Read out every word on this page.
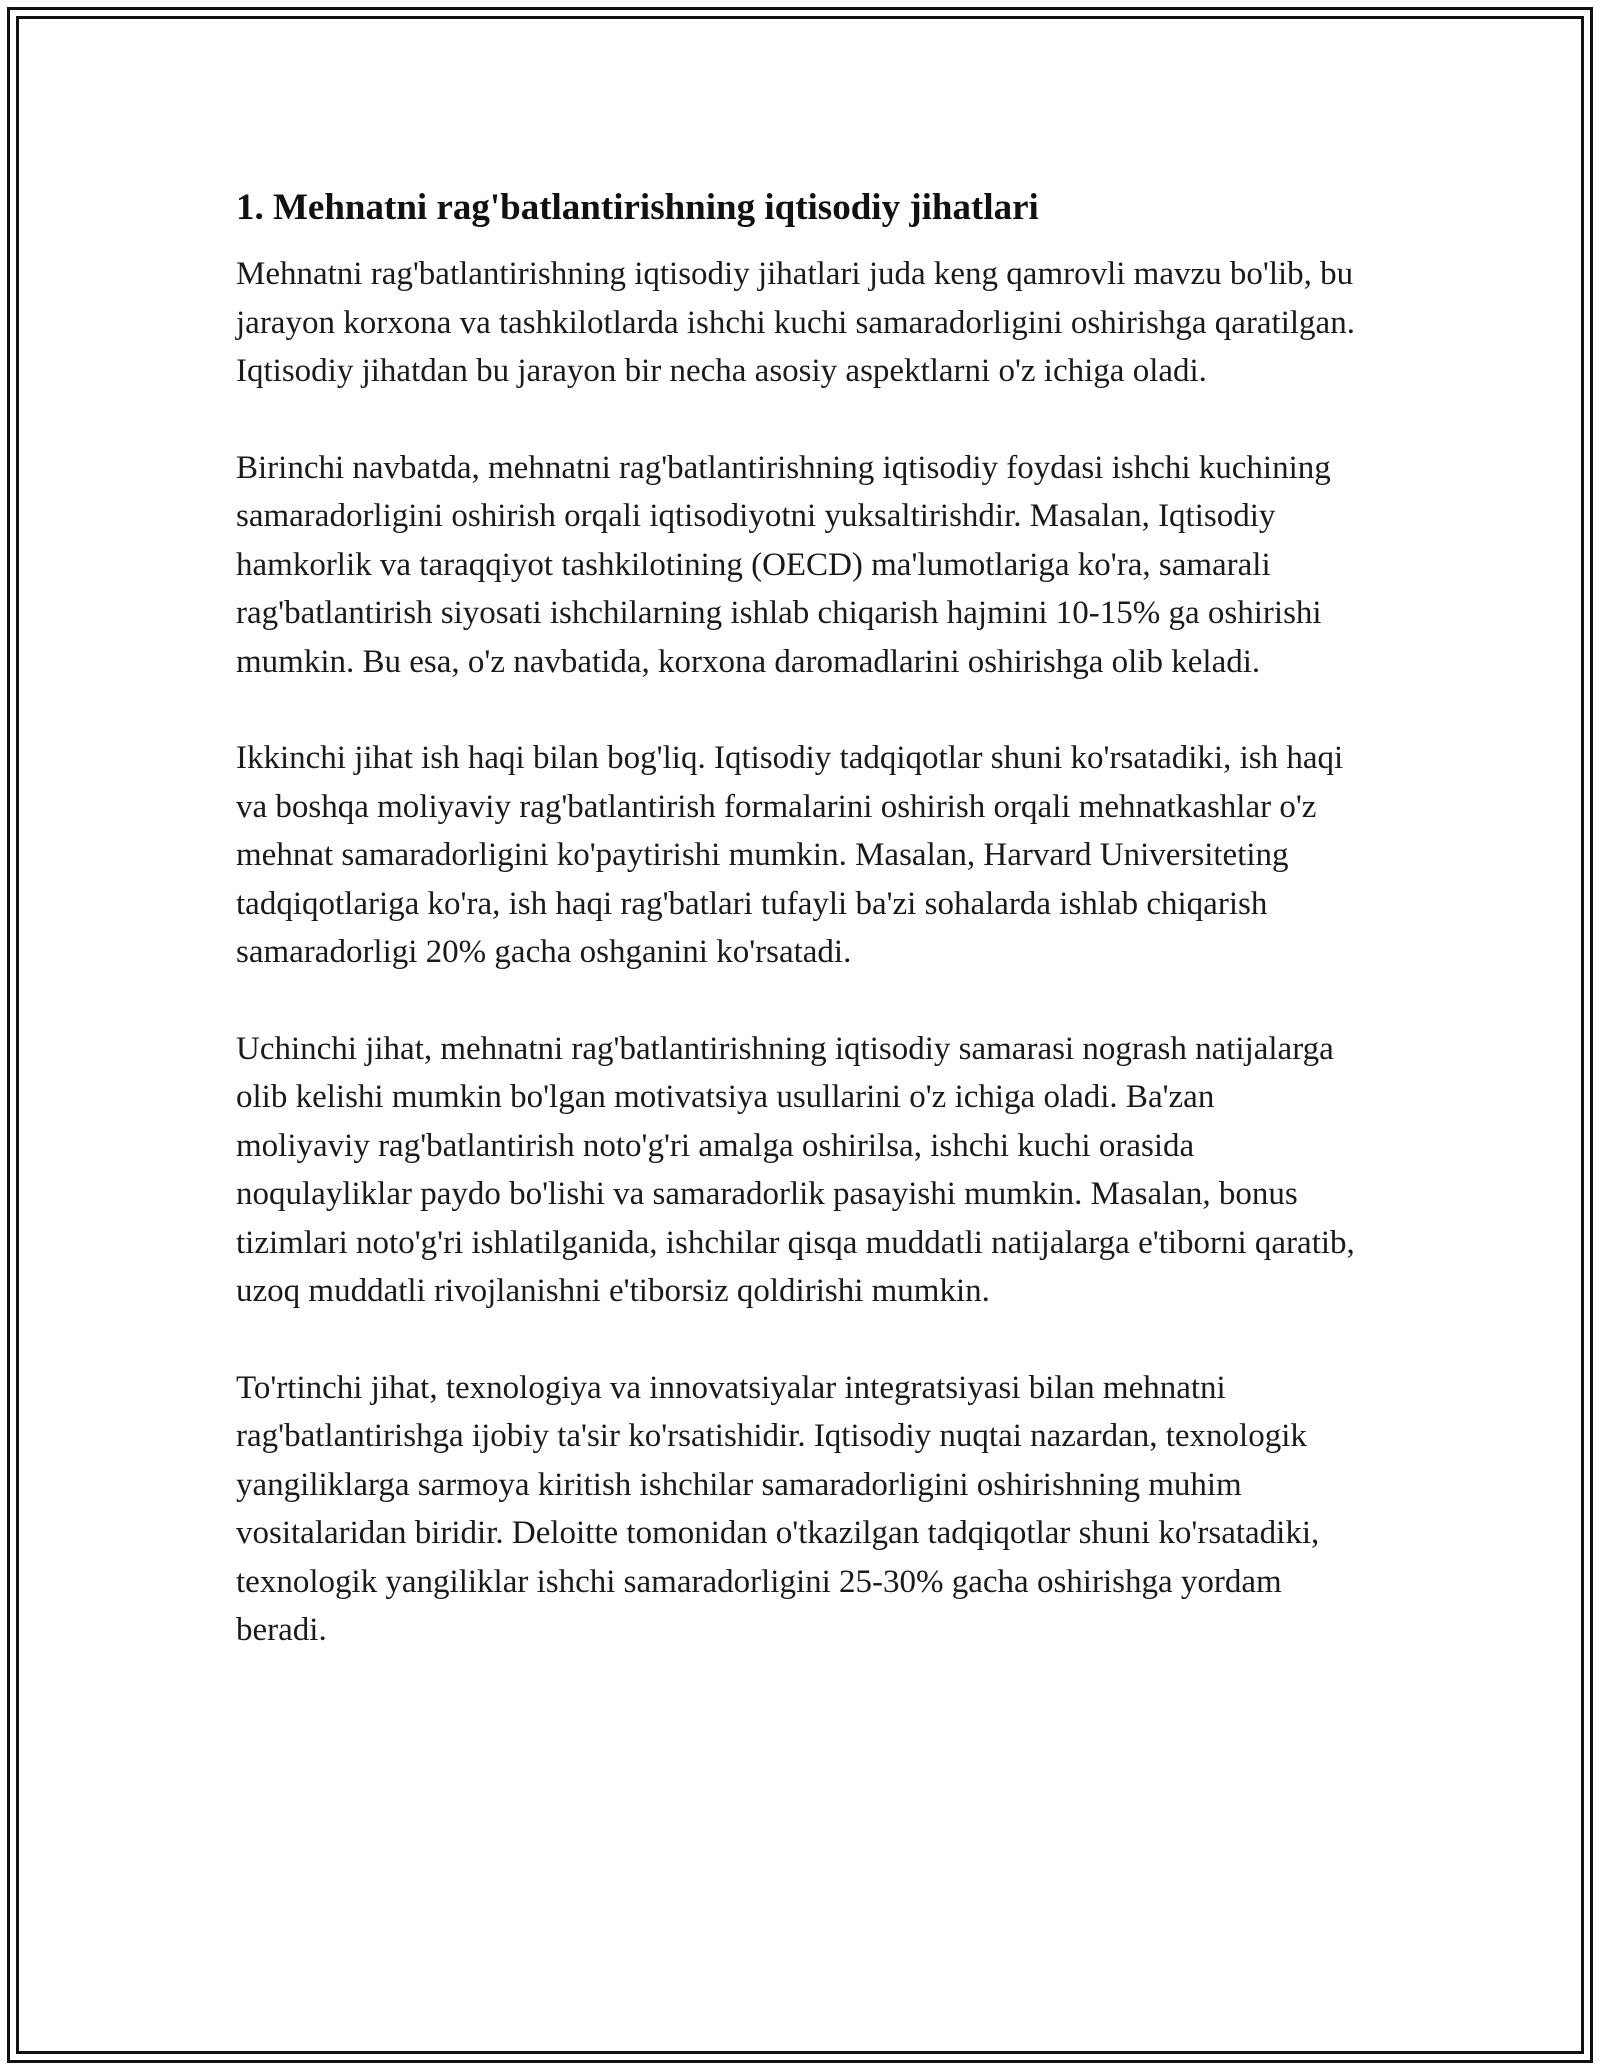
1. Mehnatni rag'batlantirishning iqtisodiy jihatlari

Mehnatni rag'batlantirishning iqtisodiy jihatlari juda keng qamrovli mavzu bo'lib, bu jarayon korxona va tashkilotlarda ishchi kuchi samaradorligini oshirishga qaratilgan. Iqtisodiy jihatdan bu jarayon bir necha asosiy aspektlarni o'z ichiga oladi.

Birinchi navbatda, mehnatni rag'batlantirishning iqtisodiy foydasi ishchi kuchining samaradorligini oshirish orqali iqtisodiyotni yuksaltirishdir. Masalan, Iqtisodiy hamkorlik va taraqqiyot tashkilotining (OECD) ma'lumotlariga ko'ra, samarali rag'batlantirish siyosati ishchilarning ishlab chiqarish hajmini 10-15% ga oshirishi mumkin. Bu esa, o'z navbatida, korxona daromadlarini oshirishga olib keladi.

Ikkinchi jihat ish haqi bilan bog'liq. Iqtisodiy tadqiqotlar shuni ko'rsatadiki, ish haqi va boshqa moliyaviy rag'batlantirish formalarini oshirish orqali mehnatkashlar o'z mehnat samaradorligini ko'paytirishi mumkin. Masalan, Harvard Universiteting tadqiqotlariga ko'ra, ish haqi rag'batlari tufayli ba'zi sohalarda ishlab chiqarish samaradorligi 20% gacha oshganini ko'rsatadi.

Uchinchi jihat, mehnatni rag'batlantirishning iqtisodiy samarasi nogrash natijalarga olib kelishi mumkin bo'lgan motivatsiya usullarini o'z ichiga oladi. Ba'zan moliyaviy rag'batlantirish noto'g'ri amalga oshirilsa, ishchi kuchi orasida noqulayliklar paydo bo'lishi va samaradorlik pasayishi mumkin. Masalan, bonus tizimlari noto'g'ri ishlatilganida, ishchilar qisqa muddatli natijalarga e'tiborni qaratib, uzoq muddatli rivojlanishni e'tiborsiz qoldirishi mumkin.

To'rtinchi jihat, texnologiya va innovatsiyalar integratsiyasi bilan mehnatni rag'batlantirishga ijobiy ta'sir ko'rsatishidir. Iqtisodiy nuqtai nazardan, texnologik yangiliklarga sarmoya kiritish ishchilar samaradorligini oshirishning muhim vositalaridan biridir. Deloitte tomonidan o'tkazilgan tadqiqotlar shuni ko'rsatadiki, texnologik yangiliklar ishchi samaradorligini 25-30% gacha oshirishga yordam beradi.
